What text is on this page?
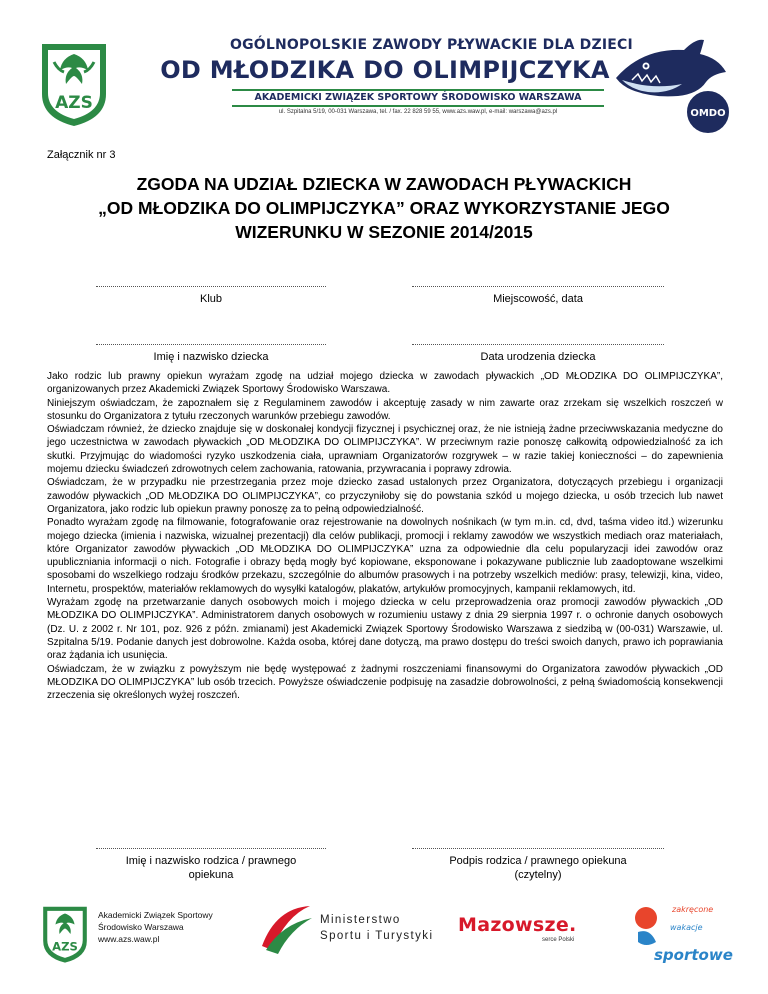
AZS
OGÓLNOPOLSKIE ZAWODY PŁYWACKIE DLA DZIECI
OD MŁODZIKA DO OLIMPIJCZYKA
AKADEMICKI ZWIĄZEK SPORTOWY ŚRODOWISKO WARSZAWA
ul. Szpitalna 5/19, 00-031 Warszawa, tel. / fax. 22 828 59 55, www.azs.waw.pl, e-mail: warszawa@azs.pl	OMDO
Załącznik nr 3
ZGODA NA UDZIAŁ DZIECKA W ZAWODACH PŁYWACKICH
„OD MŁODZIKA DO OLIMPIJCZYKA” ORAZ WYKORZYSTANIE JEGO
WIZERUNKU W SEZONIE 2014/2015
Klub	Miejscowość, data
Imię i nazwisko dziecka	Data urodzenia dziecka

Jako rodzic lub prawny opiekun wyrażam zgodę na udział mojego dziecka w zawodach pływackich „OD MŁODZIKA DO OLIMPIJCZYKA”, organizowanych przez Akademicki Związek Sportowy Środowisko Warszawa.

Niniejszym oświadczam, że zapoznałem się z Regulaminem zawodów i akceptuję zasady w nim zawarte oraz zrzekam się wszelkich roszczeń w stosunku do Organizatora z tytułu rzeczonych warunków przebiegu zawodów.

Oświadczam również, że dziecko znajduje się w doskonałej kondycji fizycznej i psychicznej oraz, że nie istnieją żadne przeciwwskazania medyczne do jego uczestnictwa w zawodach pływackich „OD MŁODZIKA DO OLIMPIJCZYKA”. W przeciwnym razie ponoszę całkowitą odpowiedzialność za ich skutki. Przyjmując do wiadomości ryzyko uszkodzenia ciała, uprawniam Organizatorów rozgrywek – w razie takiej konieczności – do zapewnienia mojemu dziecku świadczeń zdrowotnych celem zachowania, ratowania, przywracania i poprawy zdrowia.

Oświadczam, że w przypadku nie przestrzegania przez moje dziecko zasad ustalonych przez Organizatora, dotyczących przebiegu i organizacji zawodów pływackich „OD MŁODZIKA DO OLIMPIJCZYKA”, co przyczyniłoby się do powstania szkód u mojego dziecka, u osób trzecich lub nawet Organizatora, jako rodzic lub opiekun prawny ponoszę za to pełną odpowiedzialność.

Ponadto wyrażam zgodę na filmowanie, fotografowanie oraz rejestrowanie na dowolnych nośnikach (w tym m.in. cd, dvd, taśma video itd.) wizerunku mojego dziecka (imienia i nazwiska, wizualnej prezentacji) dla celów publikacji, promocji i reklamy zawodów we wszystkich mediach oraz materiałach, które Organizator zawodów pływackich „OD MŁODZIKA DO OLIMPIJCZYKA” uzna za odpowiednie dla celu popularyzacji idei zawodów oraz upubliczniania informacji o nich. Fotografie i obrazy będą mogły być kopiowane, eksponowane i pokazywane publicznie lub zaadoptowane wszelkimi sposobami do wszelkiego rodzaju środków przekazu, szczególnie do albumów prasowych i na potrzeby wszelkich mediów: prasy, telewizji, kina, video, Internetu, prospektów, materiałów reklamowych do wysyłki katalogów, plakatów, artykułów promocyjnych, kampanii reklamowych, itd.

Wyrażam zgodę na przetwarzanie danych osobowych moich i mojego dziecka w celu przeprowadzenia oraz promocji zawodów pływackich „OD MŁODZIKA DO OLIMPIJCZYKA”. Administratorem danych osobowych w rozumieniu ustawy z dnia 29 sierpnia 1997 r. o ochronie danych osobowych (Dz. U. z 2002 r. Nr 101, poz. 926 z późn. zmianami) jest Akademicki Związek Sportowy Środowisko Warszawa z siedzibą w (00-031) Warszawie, ul. Szpitalna 5/19. Podanie danych jest dobrowolne. Każda osoba, której dane dotyczą, ma prawo dostępu do treści swoich danych, prawo ich poprawiania oraz żądania ich usunięcia.

Oświadczam, że w związku z powyższym nie będę występować z żadnymi roszczeniami finansowymi do Organizatora zawodów pływackich „OD MŁODZIKA DO OLIMPIJCZYKA” lub osób trzecich. Powyższe oświadczenie podpisuję na zasadzie dobrowolności, z pełną świadomością konsekwencji zrzeczenia się określonych wyżej roszczeń.

Imię i nazwisko rodzica / prawnego
opiekuna
Podpis rodzica / prawnego opiekuna
(czytelny)
AZS
Akademicki Związek Sportowy
Środowisko Warszawa
www.azs.waw.pl
Ministerstwo
Sportu i Turystyki Mazowsze.
serce Polski
zakręcone
wakacje
sportowe
